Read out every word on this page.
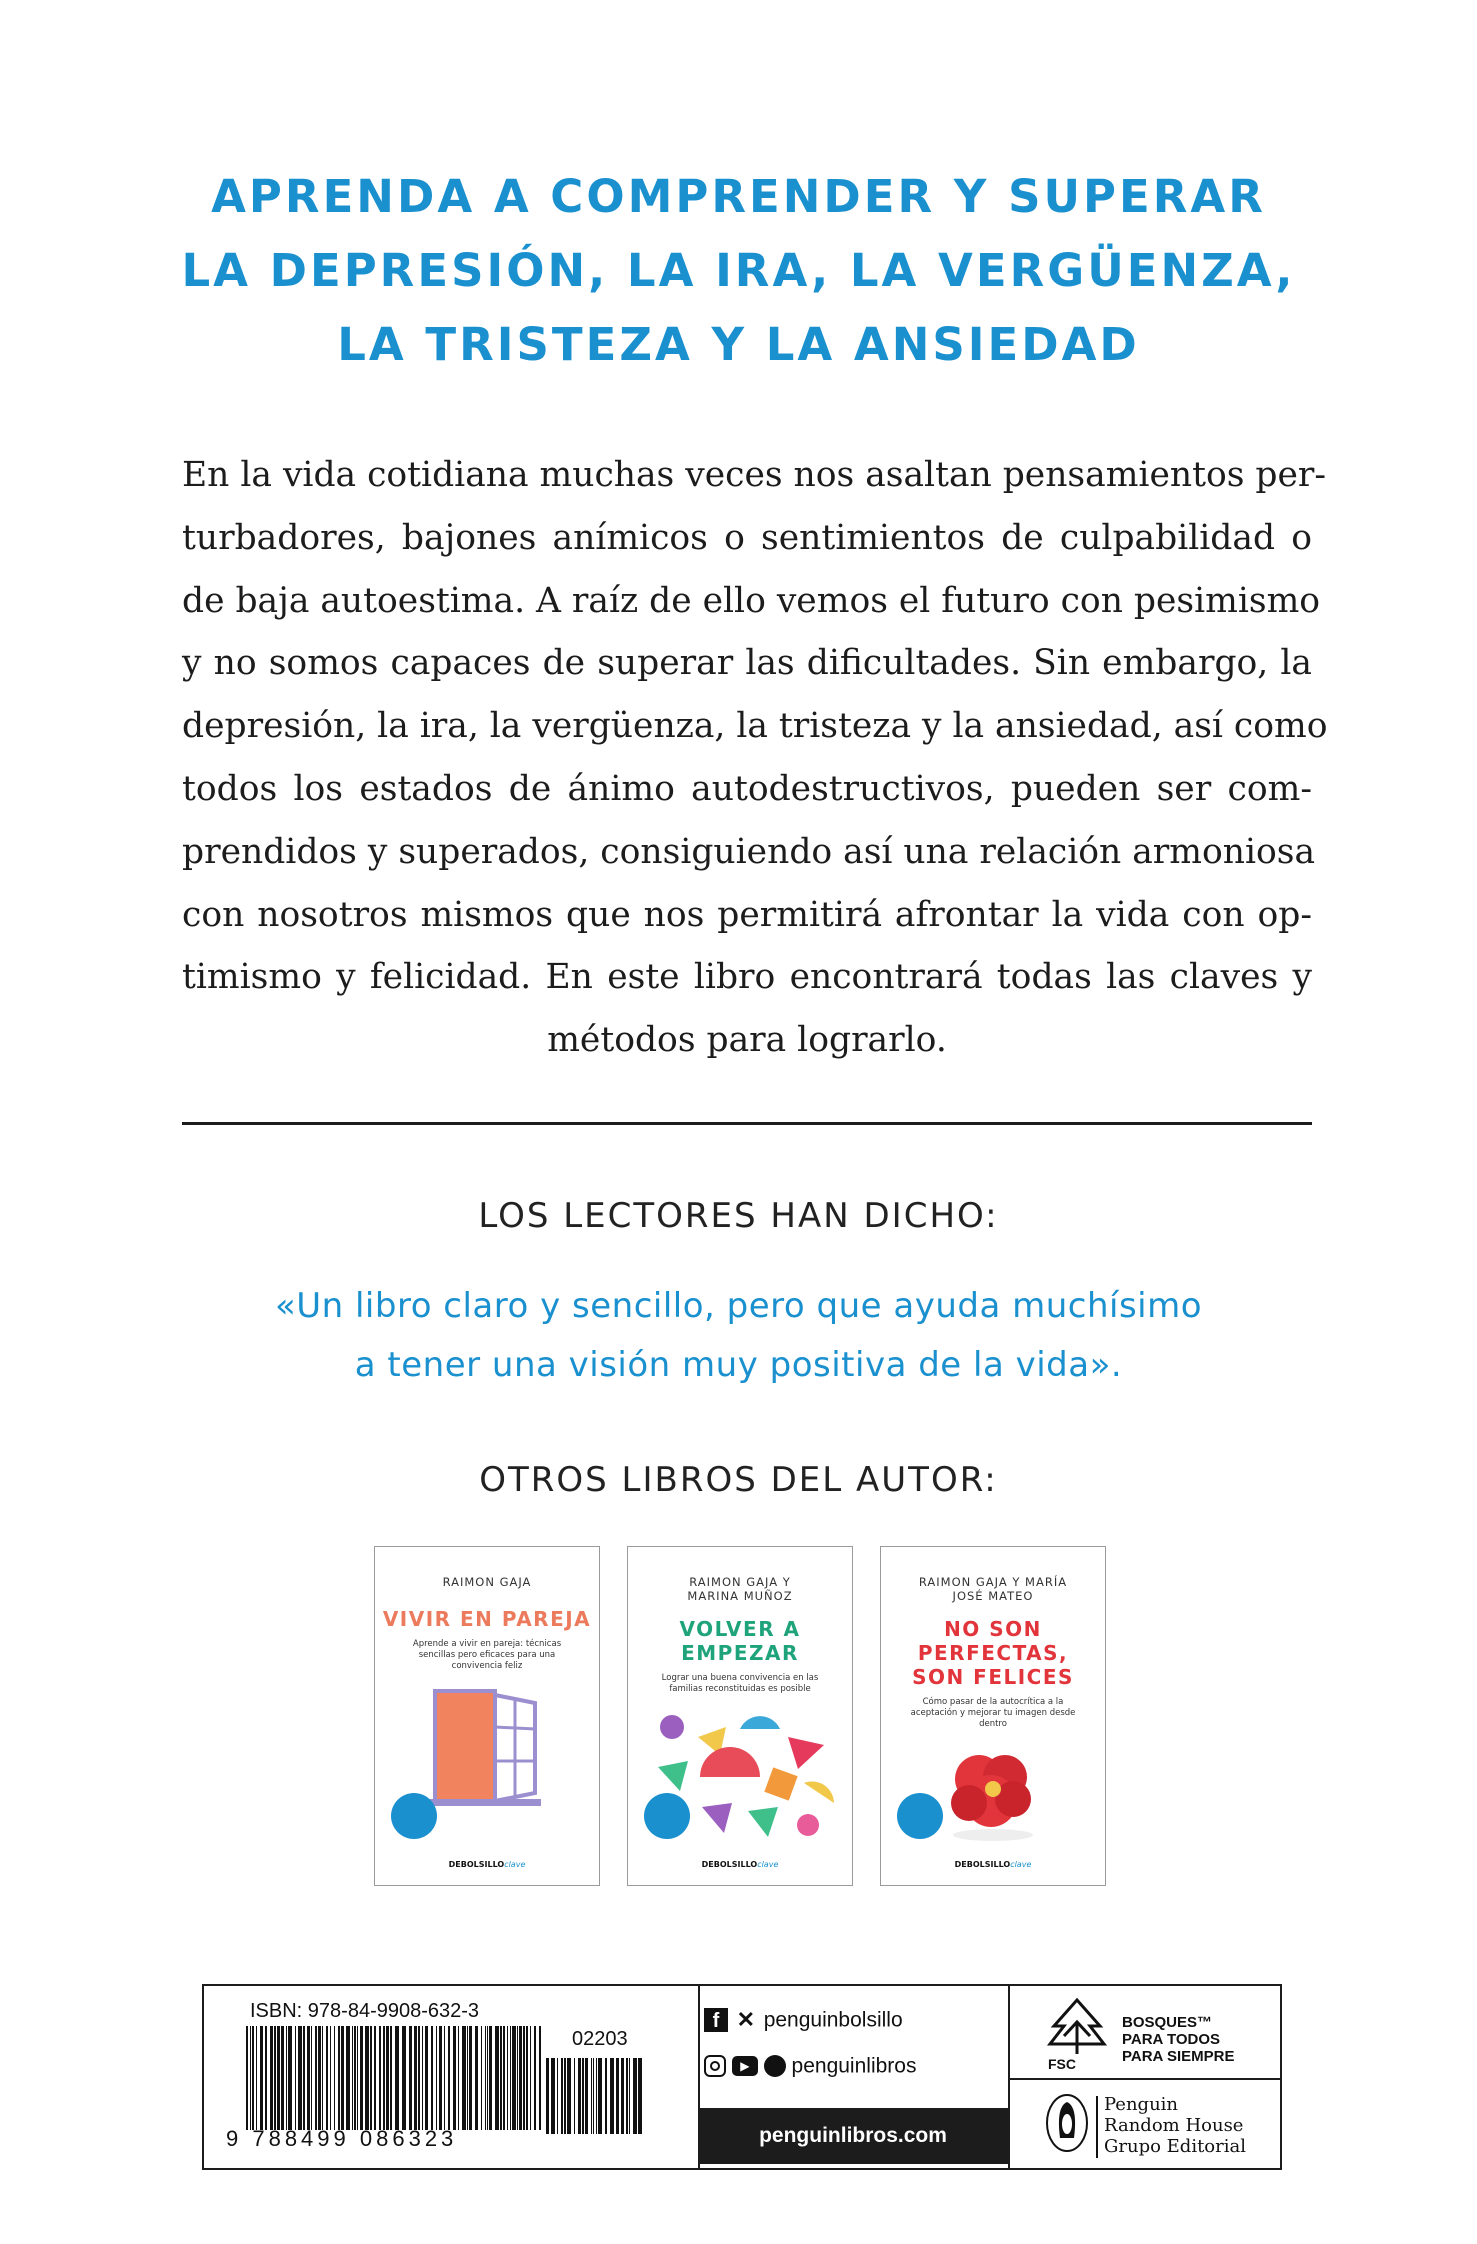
APRENDA A COMPRENDER Y SUPERAR
LA DEPRESIÓN, LA IRA, LA VERGÜENZA,
LA TRISTEZA Y LA ANSIEDAD
En la vida cotidiana muchas veces nos asaltan pensamientos per-
turbadores, bajones anímicos o sentimientos de culpabilidad o
de baja autoestima. A raíz de ello vemos el futuro con pesimismo
y no somos capaces de superar las dificultades. Sin embargo, la
depresión, la ira, la vergüenza, la tristeza y la ansiedad, así como
todos los estados de ánimo autodestructivos, pueden ser com-
prendidos y superados, consiguiendo así una relación armoniosa
con nosotros mismos que nos permitirá afrontar la vida con op-
timismo y felicidad. En este libro encontrará todas las claves y
métodos para lograrlo.
LOS LECTORES HAN DICHO:
«Un libro claro y sencillo, pero que ayuda muchísimo
a tener una visión muy positiva de la vida».
OTROS LIBROS DEL AUTOR:
RAIMON GAJA
VIVIR EN PAREJA
Aprende a vivir en pareja: técnicas sencillas pero eficaces para una convivencia feliz
DEBOLSILLOclave
RAIMON GAJA Y MARINA MUÑOZ
VOLVER A EMPEZAR
Lograr una buena convivencia en las familias reconstituidas es posible
DEBOLSILLOclave
RAIMON GAJA Y MARÍA JOSÉ MATEO
NO SON PERFECTAS, SON FELICES
Cómo pasar de la autocrítica a la aceptación y mejorar tu imagen desde dentro
DEBOLSILLOclave
ISBN: 978-84-9908-632-3
02203
9 788499 086323
f ✕ penguinbolsillo
▶ penguinlibros
penguinlibros.com
FSC
BOSQUES™
PARA TODOS
PARA SIEMPRE
Penguin
Random House
Grupo Editorial
